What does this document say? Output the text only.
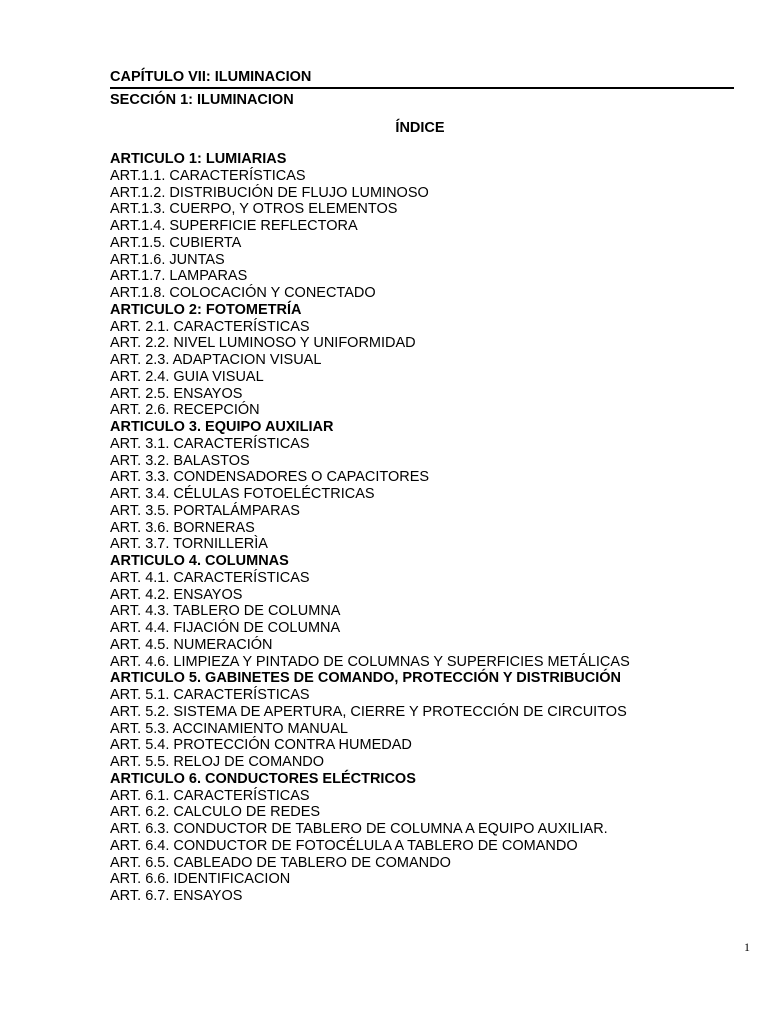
CAPÍTULO VII: ILUMINACION
SECCIÓN 1: ILUMINACION
ÍNDICE
ARTICULO 1: LUMIARIAS
ART.1.1. CARACTERÍSTICAS
ART.1.2. DISTRIBUCIÓN DE FLUJO LUMINOSO
ART.1.3. CUERPO, Y OTROS ELEMENTOS
ART.1.4. SUPERFICIE REFLECTORA
ART.1.5. CUBIERTA
ART.1.6. JUNTAS
ART.1.7. LAMPARAS
ART.1.8. COLOCACIÓN Y CONECTADO
ARTICULO 2: FOTOMETRÍA
ART. 2.1. CARACTERÍSTICAS
ART. 2.2. NIVEL LUMINOSO Y UNIFORMIDAD
ART. 2.3. ADAPTACION VISUAL
ART. 2.4. GUIA VISUAL
ART. 2.5. ENSAYOS
ART. 2.6. RECEPCIÓN
ARTICULO 3. EQUIPO AUXILIAR
ART. 3.1. CARACTERÍSTICAS
ART. 3.2. BALASTOS
ART. 3.3. CONDENSADORES O CAPACITORES
ART. 3.4. CÉLULAS FOTOELÉCTRICAS
ART. 3.5. PORTALÁMPARAS
ART. 3.6. BORNERAS
ART. 3.7. TORNILLERÌA
ARTICULO 4. COLUMNAS
ART. 4.1. CARACTERÍSTICAS
ART. 4.2. ENSAYOS
ART. 4.3. TABLERO DE COLUMNA
ART. 4.4. FIJACIÓN DE COLUMNA
ART. 4.5. NUMERACIÓN
ART. 4.6. LIMPIEZA Y PINTADO DE COLUMNAS Y SUPERFICIES METÁLICAS
ARTICULO 5. GABINETES DE COMANDO, PROTECCIÓN Y DISTRIBUCIÓN
ART. 5.1. CARACTERÍSTICAS
ART. 5.2. SISTEMA DE APERTURA, CIERRE Y PROTECCIÓN DE CIRCUITOS
ART. 5.3. ACCINAMIENTO MANUAL
ART. 5.4. PROTECCIÓN CONTRA HUMEDAD
ART. 5.5. RELOJ DE COMANDO
ARTICULO 6. CONDUCTORES ELÉCTRICOS
ART. 6.1. CARACTERÍSTICAS
ART. 6.2. CALCULO DE REDES
ART. 6.3. CONDUCTOR DE TABLERO DE COLUMNA A EQUIPO AUXILIAR.
ART. 6.4. CONDUCTOR DE FOTOCÉLULA A TABLERO DE COMANDO
ART. 6.5. CABLEADO DE TABLERO DE COMANDO
ART. 6.6. IDENTIFICACION
ART. 6.7. ENSAYOS
1
